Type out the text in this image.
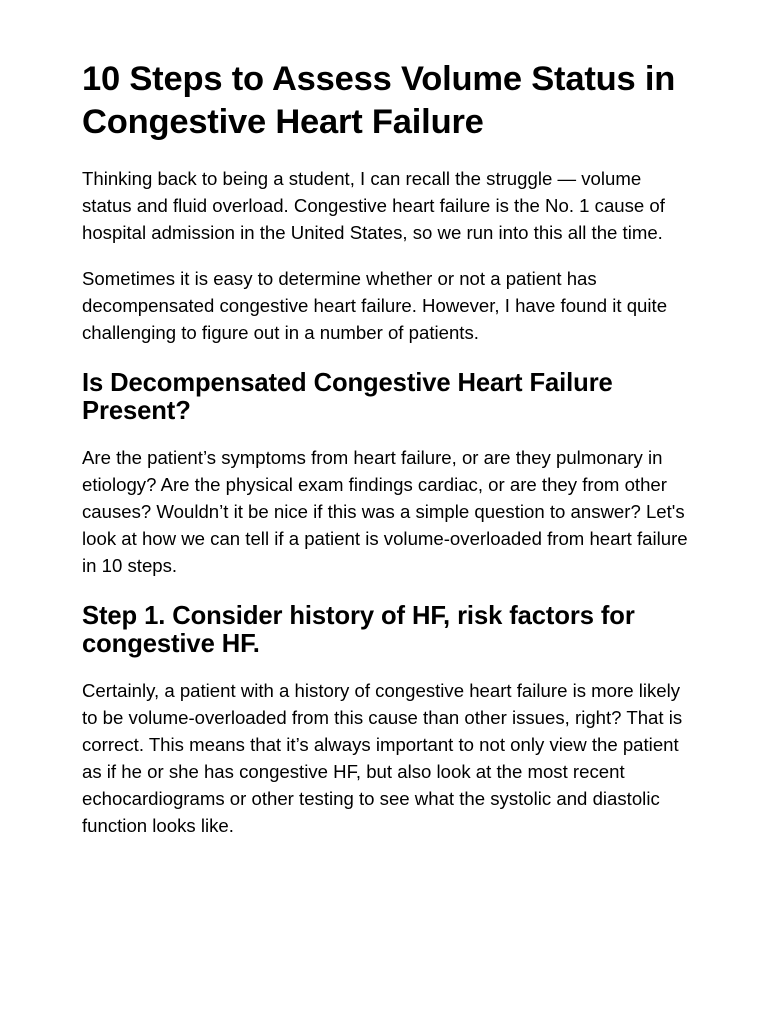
10 Steps to Assess Volume Status in Congestive Heart Failure

Thinking back to being a student, I can recall the struggle — volume status and fluid overload. Congestive heart failure is the No. 1 cause of hospital admission in the United States, so we run into this all the time.

Sometimes it is easy to determine whether or not a patient has decompensated congestive heart failure. However, I have found it quite challenging to figure out in a number of patients.

Is Decompensated Congestive Heart Failure Present?

Are the patient’s symptoms from heart failure, or are they pulmonary in etiology? Are the physical exam findings cardiac, or are they from other causes? Wouldn’t it be nice if this was a simple question to answer? Let's look at how we can tell if a patient is volume-overloaded from heart failure in 10 steps.

Step 1. Consider history of HF, risk factors for congestive HF.

Certainly, a patient with a history of congestive heart failure is more likely to be volume-overloaded from this cause than other issues, right? That is correct. This means that it’s always important to not only view the patient as if he or she has congestive HF, but also look at the most recent echocardiograms or other testing to see what the systolic and diastolic function looks like.
